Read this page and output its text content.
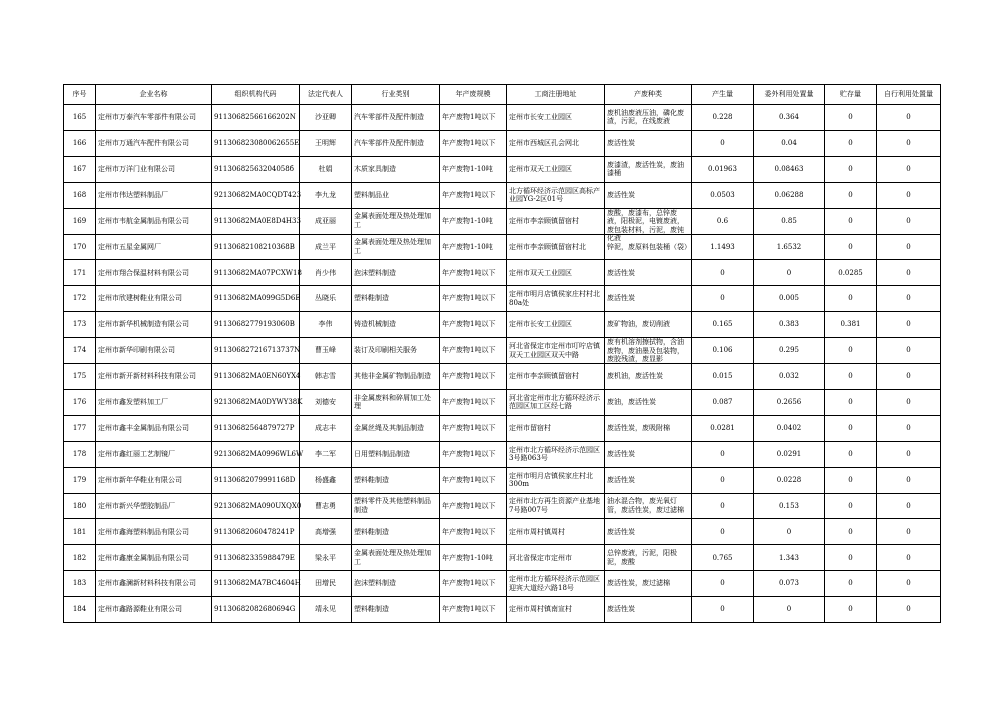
序号	企业名称	组织机构代码	法定代表人	行业类别	年产废规模	工商注册地址	产废种类	产生量	委外利用处置量	贮存量	自行利用处置量

165	定州市万泰汽车零部件有限公司	91130682566166202N	沙亚卿	汽车零部件及配件制造	年产废物1吨以下	定州市长安工业园区	废机油废液压油，磷化废渣，污泥，在线废液	0.228	0.364	0	0

166	定州市万通汽车配件有限公司	911306823080062655E	王明辉	汽车零部件及配件制造	年产废物1吨以下	定州市西城区孔会网北	废活性炭	0	0.04	0	0

167	定州市万洋门业有限公司	91130682563204058б	杜娟	木质家具制造	年产废物1-10吨	定州市双天工业园区	废漆渣，废活性炭，废油漆桶	0.01963	0.08463	0	0

168	定州市伟达塑料制品厂	92130682MA0CQDT423	李九龙	塑料制品业	年产废物1吨以下	北方循环经济示范园区高标产业园YG-2区01号	废活性炭	0.0503	0.06288	0	0

169	定州市韦航金属制品有限公司	91130682MA0E8D4H33	成亚丽	金属表面处理及热处理加工	年产废物1-10吨	定州市李亲顾镇留宿村	废酸，废漆布，总锌废液，阳极泥，电镀废液，废包装材料，污泥，废钝化液	0.6	0.85	0	0

170	定州市五星金属网厂	91130682108210368B	成兰平	金属表面处理及热处理加工	年产废物1-10吨	定州市李亲顾镇留宿村北	锌泥，废原料包装桶（袋）	1.1493	1.6532	0	0

171	定州市翔合保温材料有限公司	91130682MA07PCXW18	肖少伟	泡沫塑料制造	年产废物1吨以下	定州市双天工业园区	废活性炭	0	0	0.0285	0

172	定州市欣建树鞋业有限公司	91130682MA099G5D6E	丛晓乐	塑料鞋制造	年产废物1吨以下	定州市明月店镇侯家庄村村北80a处	废活性炭	0	0.005	0	0

173	定州市新华机械制造有限公司	91130682779193060B	李伟	铸造机械制造	年产废物1吨以下	定州市长安工业园区	废矿物油，废切削液	0.165	0.383	0.381	0

174	定州市新华印刷有限公司	911306827216713737N	曹玉峰	装订及印刷相关服务	年产废物1吨以下	河北省保定市定州市叮咛店镇双天工业园区双天中路	废有机溶剂擦拭物，含油废物，废油墨及包装物，废胶残渣，废显影	0.106	0.295	0	0

175	定州市新开新材料科技有限公司	91130682MA0EN60YX4	韩志雪	其他非金属矿物制品制造	年产废物1吨以下	定州市李亲顾镇留宿村	废机油，废活性炭	0.015	0.032	0	0

176	定州市鑫发塑料加工厂	92130682MA0DYWY38K	刘德安	非金属废料和碎屑加工处理	年产废物1吨以下	河北省定州市北方循环经济示范园区加工区经七路	废油，废活性炭	0.087	0.2656	0	0

177	定州市鑫丰金属制品有限公司	91130682564879727P	成志丰	金属丝绳及其制品制造	年产废物1吨以下	定州市留宿村	废活性炭，废吸附棉	0.0281	0.0402	0	0

178	定州市鑫红丽工艺制镜厂	92130682MA0996WL6W	李二军	日用塑料制品制造	年产废物1吨以下	定州市北方循环经济示范园区3号路063号	废活性炭	0	0.0291	0	0

179	定州市新年华鞋业有限公司	91130682079991168D	杨盛鑫	塑料鞋制造	年产废物1吨以下	定州市明月店镇侯家庄村北300m	废活性炭	0	0.0228	0	0

180	定州市新兴华塑胶制品厂	92130682MA090UXQX0	曹志勇	塑料零件及其他塑料制品制造	年产废物1吨以下	定州市北方再生资源产业基地7号路007号	油水混合物，废光氧灯管，废活性炭，废过滤棉	0	0.153	0	0

181	定州市鑫海塑料制品有限公司	91130682060478241P	高增强	塑料鞋制造	年产废物1吨以下	定州市周村镇周村	废活性炭	0	0	0	0

182	定州市鑫康金属制品有限公司	91130682335988479E	梁永平	金属表面处理及热处理加工	年产废物1-10吨	河北省保定市定州市	总锌废液，污泥，阳极泥，废酸	0.765	1.343	0	0

183	定州市鑫澜新材料科技有限公司	91130682MA7BC4604H	田增民	泡沫塑料制造	年产废物1吨以下	定州市北方循环经济示范园区迎宾大道经六路18号	废活性炭，废过滤棉	0	0.073	0	0

184	定州市鑫路源鞋业有限公司	91130682082680694G	靖永见	塑料鞋制造	年产废物1吨以下	定州市周村镇南宣村	废活性炭	0	0	0	0
